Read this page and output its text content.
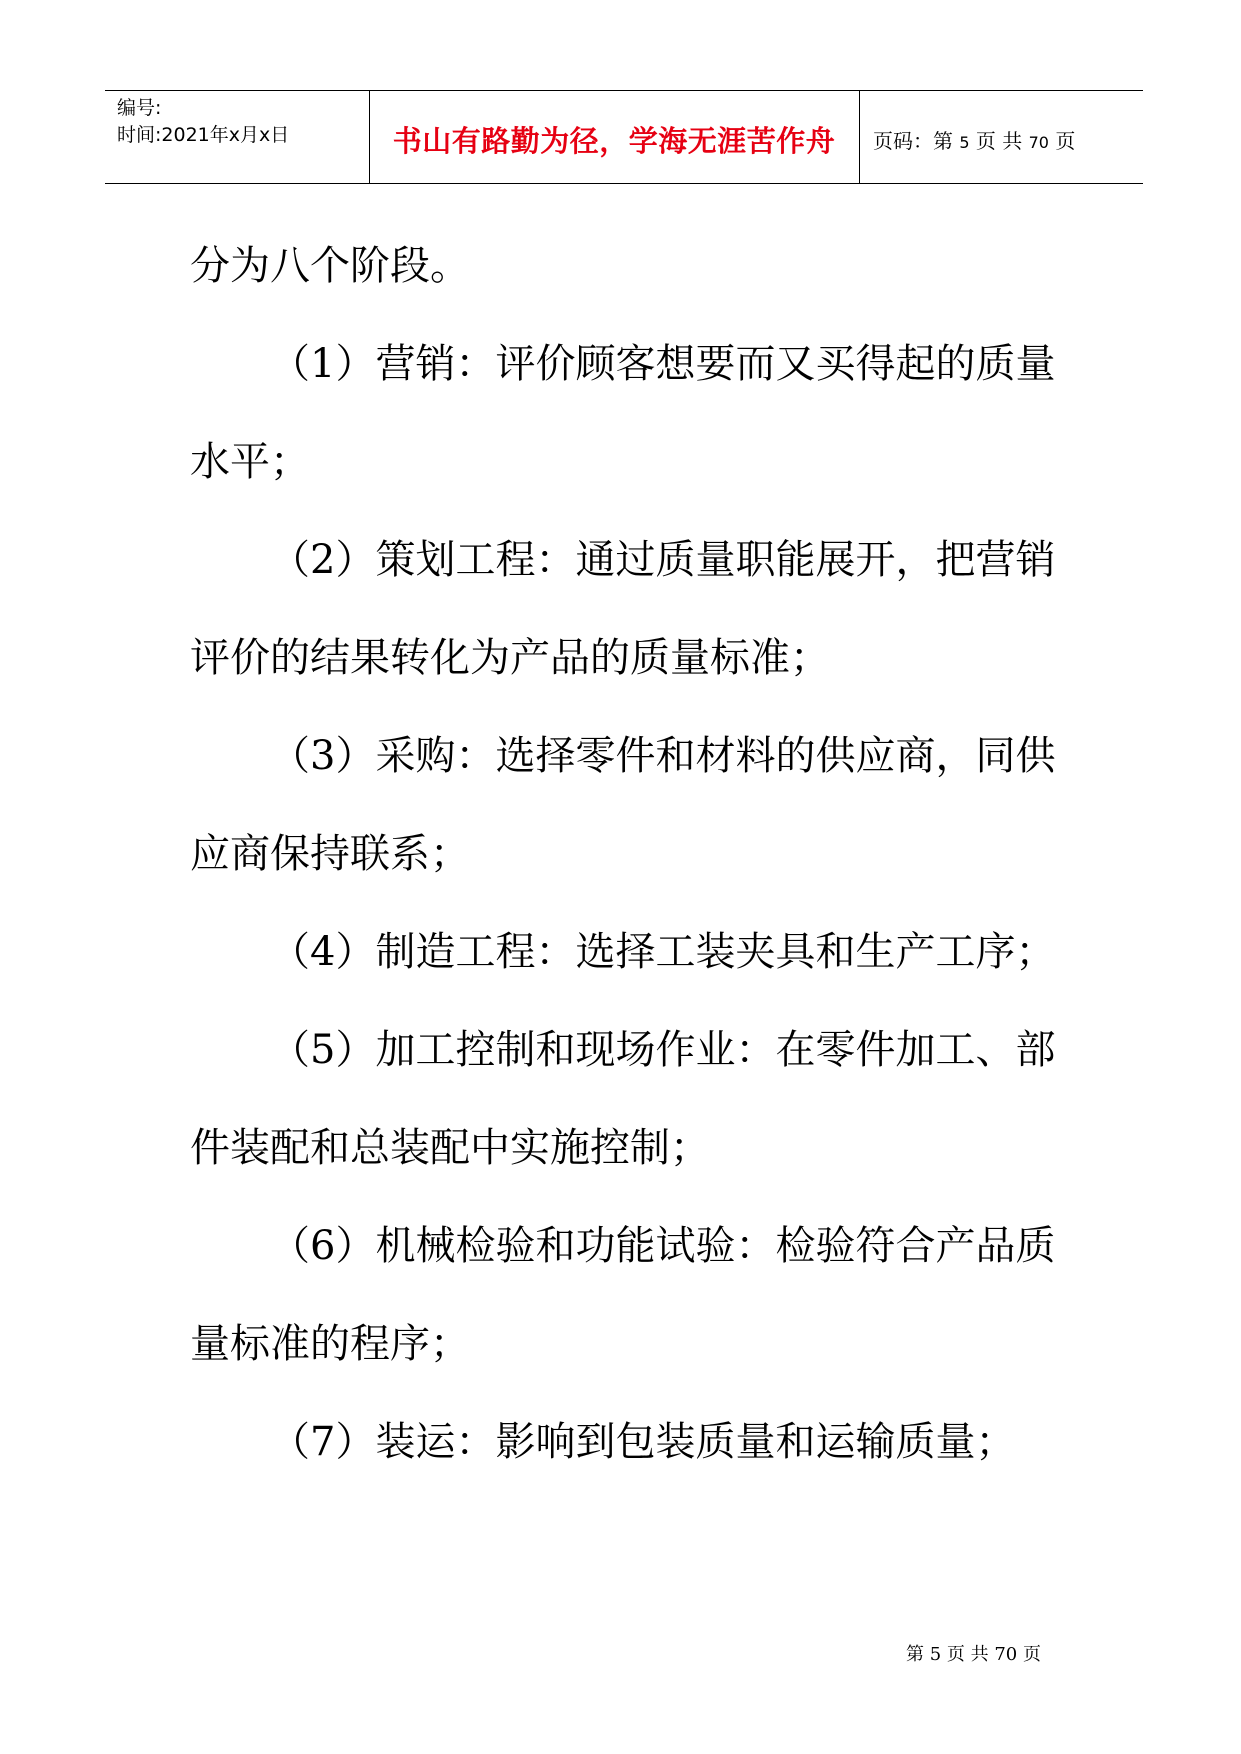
编号:
时间:2021年x月x日	书山有路勤为径，学海无涯苦作舟	页码：第 5 页 共 70 页

分为八个阶段。

（1）营销：评价顾客想要而又买得起的质量水平；

（2）策划工程：通过质量职能展开，把营销评价的结果转化为产品的质量标准；

（3）采购：选择零件和材料的供应商，同供应商保持联系；

（4）制造工程：选择工装夹具和生产工序；

（5）加工控制和现场作业：在零件加工、部件装配和总装配中实施控制；

（6）机械检验和功能试验：检验符合产品质量标准的程序；

（7）装运：影响到包装质量和运输质量；

第 5 页 共 70 页
